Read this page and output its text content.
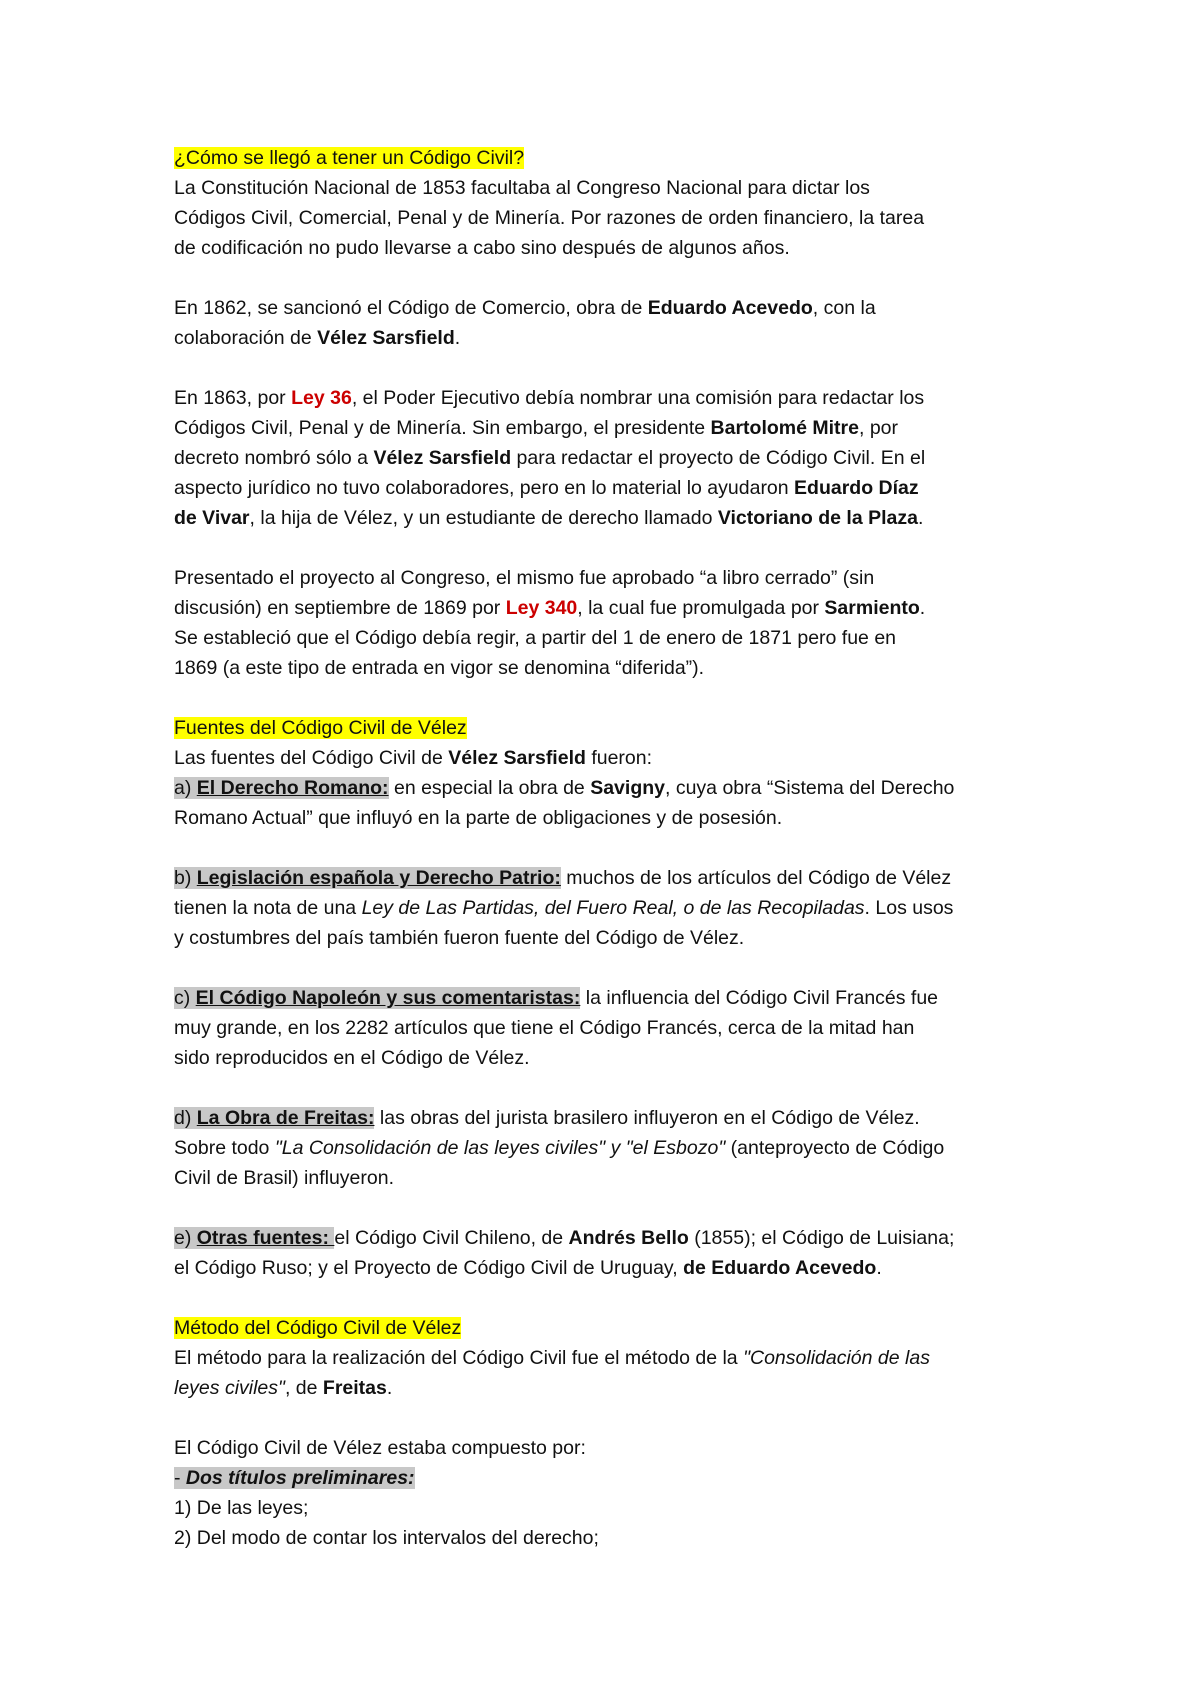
¿Cómo se llegó a tener un Código Civil?
La Constitución Nacional de 1853 facultaba al Congreso Nacional para dictar los
Códigos Civil, Comercial, Penal y de Minería. Por razones de orden financiero, la tarea
de codificación no pudo llevarse a cabo sino después de algunos años.
En 1862, se sancionó el Código de Comercio, obra de Eduardo Acevedo, con la
colaboración de Vélez Sarsfield.
En 1863, por Ley 36, el Poder Ejecutivo debía nombrar una comisión para redactar los
Códigos Civil, Penal y de Minería. Sin embargo, el presidente Bartolomé Mitre, por
decreto nombró sólo a Vélez Sarsfield para redactar el proyecto de Código Civil. En el
aspecto jurídico no tuvo colaboradores, pero en lo material lo ayudaron Eduardo Díaz
de Vivar, la hija de Vélez, y un estudiante de derecho llamado Victoriano de la Plaza.
Presentado el proyecto al Congreso, el mismo fue aprobado “a libro cerrado” (sin
discusión) en septiembre de 1869 por Ley 340, la cual fue promulgada por Sarmiento.
Se estableció que el Código debía regir, a partir del 1 de enero de 1871 pero fue en
1869 (a este tipo de entrada en vigor se denomina “diferida”).
Fuentes del Código Civil de Vélez
Las fuentes del Código Civil de Vélez Sarsfield fueron:
a) El Derecho Romano: en especial la obra de Savigny, cuya obra “Sistema del Derecho
Romano Actual” que influyó en la parte de obligaciones y de posesión.
b) Legislación española y Derecho Patrio: muchos de los artículos del Código de Vélez
tienen la nota de una Ley de Las Partidas, del Fuero Real, o de las Recopiladas. Los usos
y costumbres del país también fueron fuente del Código de Vélez.
c) El Código Napoleón y sus comentaristas: la influencia del Código Civil Francés fue
muy grande, en los 2282 artículos que tiene el Código Francés, cerca de la mitad han
sido reproducidos en el Código de Vélez.
d) La Obra de Freitas: las obras del jurista brasilero influyeron en el Código de Vélez.
Sobre todo "La Consolidación de las leyes civiles" y "el Esbozo" (anteproyecto de Código
Civil de Brasil) influyeron.
e) Otras fuentes: el Código Civil Chileno, de Andrés Bello (1855); el Código de Luisiana;
el Código Ruso; y el Proyecto de Código Civil de Uruguay, de Eduardo Acevedo.
Método del Código Civil de Vélez
El método para la realización del Código Civil fue el método de la "Consolidación de las
leyes civiles", de Freitas.
El Código Civil de Vélez estaba compuesto por:
- Dos títulos preliminares:
1) De las leyes;
2) Del modo de contar los intervalos del derecho;
